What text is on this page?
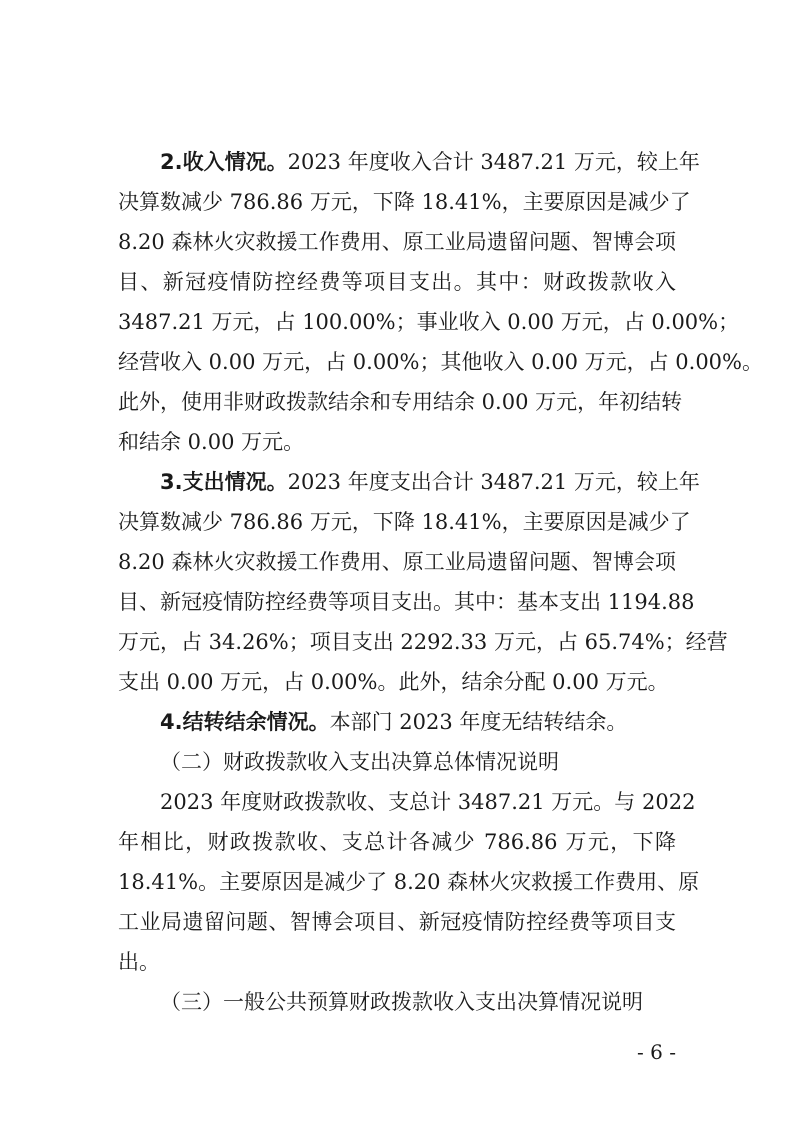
2.收入情况。2023 年度收入合计 3487.21 万元，较上年
决算数减少 786.86 万元，下降 18.41%，主要原因是减少了
8.20 森林火灾救援工作费用、原工业局遗留问题、智博会项
目、新冠疫情防控经费等项目支出。其中：财政拨款收入
3487.21 万元，占 100.00%；事业收入 0.00 万元，占 0.00%；
经营收入 0.00 万元，占 0.00%；其他收入 0.00 万元，占 0.00%。
此外，使用非财政拨款结余和专用结余 0.00 万元，年初结转
和结余 0.00 万元。
3.支出情况。2023 年度支出合计 3487.21 万元，较上年
决算数减少 786.86 万元，下降 18.41%，主要原因是减少了
8.20 森林火灾救援工作费用、原工业局遗留问题、智博会项
目、新冠疫情防控经费等项目支出。其中：基本支出 1194.88
万元，占 34.26%；项目支出 2292.33 万元，占 65.74%；经营
支出 0.00 万元，占 0.00%。此外，结余分配 0.00 万元。
4.结转结余情况。本部门 2023 年度无结转结余。
（二）财政拨款收入支出决算总体情况说明
2023 年度财政拨款收、支总计 3487.21 万元。与 2022
年相比，财政拨款收、支总计各减少 786.86 万元，下降
18.41%。主要原因是减少了 8.20 森林火灾救援工作费用、原
工业局遗留问题、智博会项目、新冠疫情防控经费等项目支
出。
（三）一般公共预算财政拨款收入支出决算情况说明
- 6 -
